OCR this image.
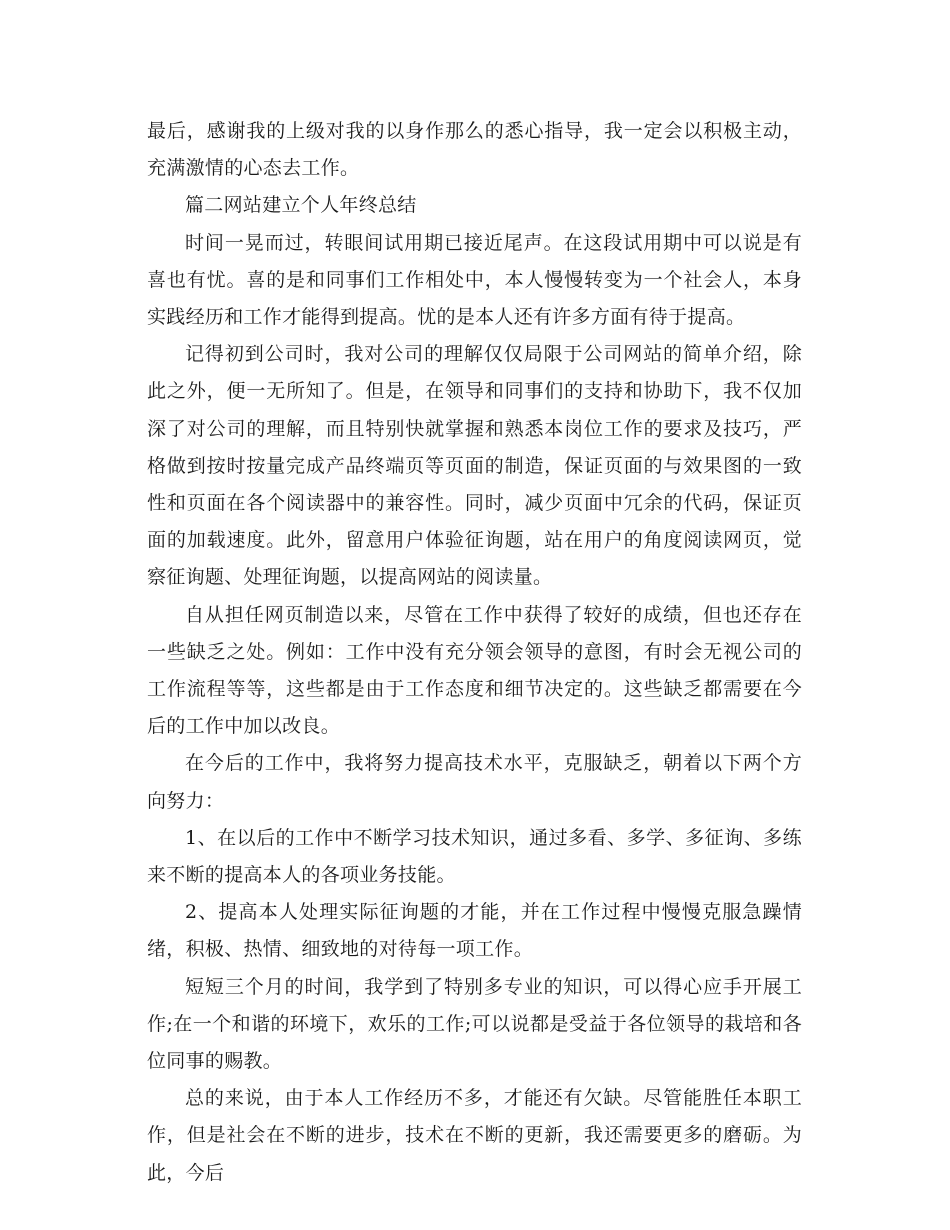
最后，感谢我的上级对我的以身作那么的悉心指导，我一定会以积极主动，充满激情的心态去工作。

篇二网站建立个人年终总结

时间一晃而过，转眼间试用期已接近尾声。在这段试用期中可以说是有喜也有忧。喜的是和同事们工作相处中，本人慢慢转变为一个社会人，本身实践经历和工作才能得到提高。忧的是本人还有许多方面有待于提高。

记得初到公司时，我对公司的理解仅仅局限于公司网站的简单介绍，除此之外，便一无所知了。但是，在领导和同事们的支持和协助下，我不仅加深了对公司的理解，而且特别快就掌握和熟悉本岗位工作的要求及技巧，严格做到按时按量完成产品终端页等页面的制造，保证页面的与效果图的一致性和页面在各个阅读器中的兼容性。同时，减少页面中冗余的代码，保证页面的加载速度。此外，留意用户体验征询题，站在用户的角度阅读网页，觉察征询题、处理征询题，以提高网站的阅读量。

自从担任网页制造以来，尽管在工作中获得了较好的成绩，但也还存在一些缺乏之处。例如：工作中没有充分领会领导的意图，有时会无视公司的工作流程等等，这些都是由于工作态度和细节决定的。这些缺乏都需要在今后的工作中加以改良。

在今后的工作中，我将努力提高技术水平，克服缺乏，朝着以下两个方向努力：

1、在以后的工作中不断学习技术知识，通过多看、多学、多征询、多练来不断的提高本人的各项业务技能。

2、提高本人处理实际征询题的才能，并在工作过程中慢慢克服急躁情绪，积极、热情、细致地的对待每一项工作。

短短三个月的时间，我学到了特别多专业的知识，可以得心应手开展工作;在一个和谐的环境下，欢乐的工作;可以说都是受益于各位领导的栽培和各位同事的赐教。

总的来说，由于本人工作经历不多，才能还有欠缺。尽管能胜任本职工作，但是社会在不断的进步，技术在不断的更新，我还需要更多的磨砺。为此，今后
